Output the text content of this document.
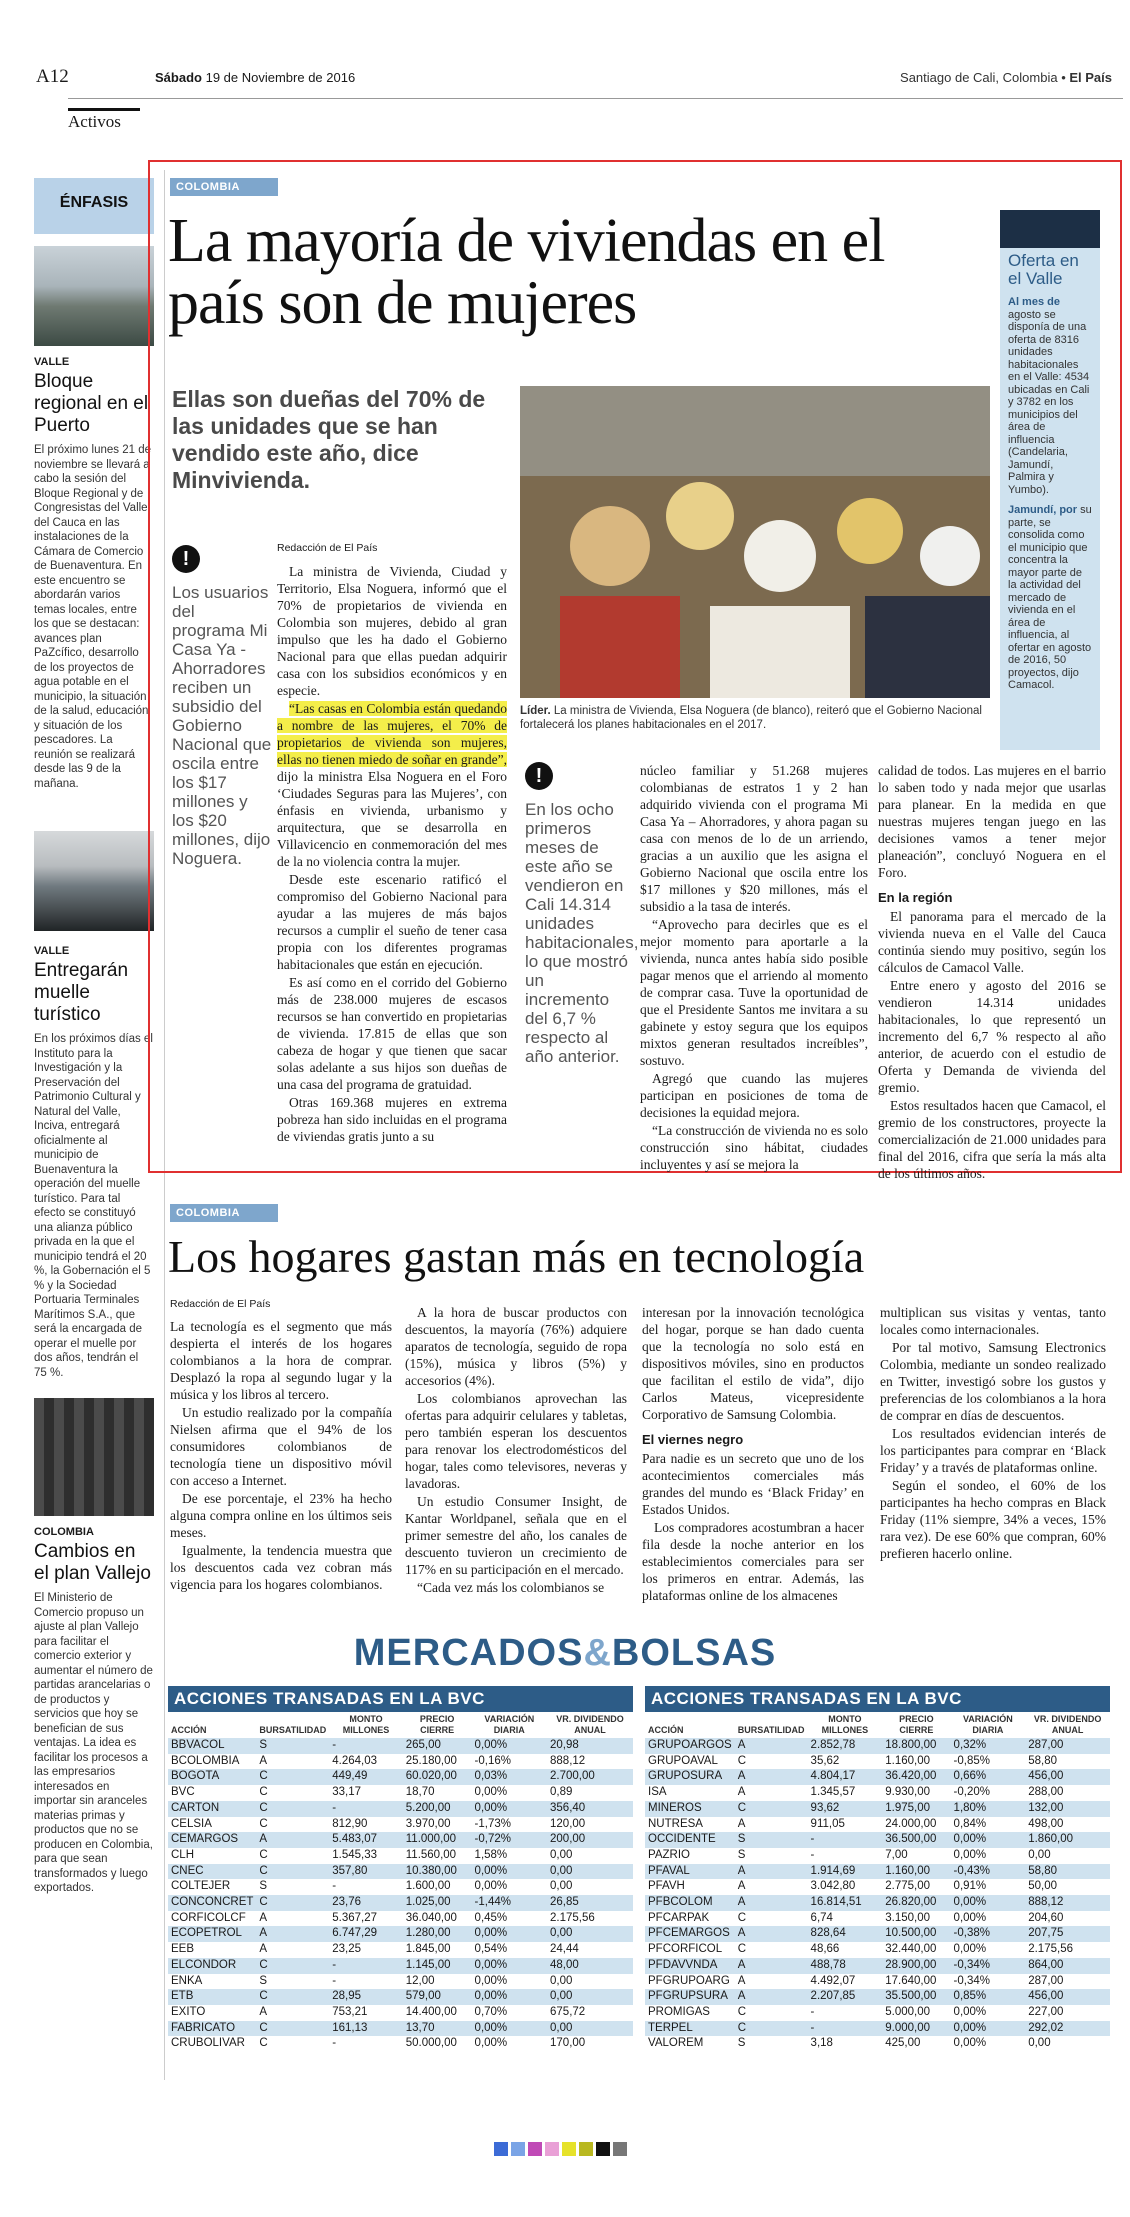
A12
Activos
Sábado 19 de Noviembre de 2016	Santiago de Cali, Colombia • El País
ÉNFASIS
VALLE
Bloque regional en el Puerto
El próximo lunes 21 de noviembre se llevará a cabo la sesión del Bloque Regional y de Congresistas del Valle del Cauca en las instalaciones de la Cámara de Comercio de Buenaventura. En este encuentro se abordarán varios temas locales, entre los que se destacan: avances plan PaZcífico, desarrollo de los proyectos de agua potable en el municipio, la situación de la salud, educación y situación de los pescadores. La reunión se realizará desde las 9 de la mañana.
VALLE
Entregarán muelle turístico
En los próximos días el Instituto para la Investigación y la Preservación del Patrimonio Cultural y Natural del Valle, Inciva, entregará oficialmente al municipio de Buenaventura la operación del muelle turístico. Para tal efecto se constituyó una alianza público privada en la que el municipio tendrá el 20 %, la Gobernación el 5 % y la Sociedad Portuaria Terminales Marítimos S.A., que será la encargada de operar el muelle por dos años, tendrán el 75 %.
COLOMBIA
Cambios en el plan Vallejo
El Ministerio de Comercio propuso un ajuste al plan Vallejo para facilitar el comercio exterior y aumentar el número de partidas arancelarias o de productos y servicios que hoy se benefician de sus ventajas. La idea es facilitar los procesos a las empresarios interesados en importar sin aranceles materias primas y productos que no se producen en Colombia, para que sean transformados y luego exportados.
COLOMBIA
La mayoría de viviendas en el país son de mujeres
Oferta en el Valle
Al mes de agosto se disponía de una oferta de 8316 unidades habitacionales en el Valle: 4534 ubicadas en Cali y 3782 en los municipios del área de influencia (Candelaria, Jamundí, Palmira y Yumbo).
Jamundí, por su parte, se consolida como el municipio que concentra la mayor parte de la actividad del mercado de vivienda en el área de influencia, al ofertar en agosto de 2016, 50 proyectos, dijo Camacol.
Ellas son dueñas del 70% de las unidades que se han vendido este año, dice Minvivienda.
Líder. La ministra de Vivienda, Elsa Noguera (de blanco), reiteró que el Gobierno Nacional fortalecerá los planes habitacionales en el 2017.
!
Los usuarios del programa Mi Casa Ya - Ahorradores reciben un subsidio del Gobierno Nacional que oscila entre los $17 millones y los $20 millones, dijo Noguera.
Redacción de El País

La ministra de Vivienda, Ciudad y Territorio, Elsa Noguera, informó que el 70% de propietarios de vivienda en Colombia son mujeres, debido al gran impulso que les ha dado el Gobierno Nacional para que ellas puedan adquirir casa con los subsidios económicos y en especie.

“Las casas en Colombia están quedando a nombre de las mujeres, el 70% de propietarios de vivienda son mujeres, ellas no tienen miedo de soñar en grande”, dijo la ministra Elsa Noguera en el Foro ‘Ciudades Seguras para las Mujeres’, con énfasis en vivienda, urbanismo y arquitectura, que se desarrolla en Villavicencio en conmemoración del mes de la no violencia contra la mujer.

Desde este escenario ratificó el compromiso del Gobierno Nacional para ayudar a las mujeres de más bajos recursos a cumplir el sueño de tener casa propia con los diferentes programas habitacionales que están en ejecución.

Es así como en el corrido del Gobierno más de 238.000 mujeres de escasos recursos se han convertido en propietarias de vivienda. 17.815 de ellas que son cabeza de hogar y que tienen que sacar solas adelante a sus hijos son dueñas de una casa del programa de gratuidad.

Otras 169.368 mujeres en extrema pobreza han sido incluidas en el programa de viviendas gratis junto a su

!
En los ocho primeros meses de este año se vendieron en Cali 14.314 unidades habitacionales, lo que mostró un incremento del 6,7 % respecto al año anterior.

núcleo familiar y 51.268 mujeres colombianas de estratos 1 y 2 han adquirido vivienda con el programa Mi Casa Ya – Ahorradores, y ahora pagan su casa con menos de lo de un arriendo, gracias a un auxilio que les asigna el Gobierno Nacional que oscila entre los $17 millones y $20 millones, más el subsidio a la tasa de interés.

“Aprovecho para decirles que es el mejor momento para aportarle a la vivienda, nunca antes había sido posible pagar menos que el arriendo al momento de comprar casa. Tuve la oportunidad de que el Presidente Santos me invitara a su gabinete y estoy segura que los equipos mixtos generan resultados increíbles”, sostuvo.

Agregó que cuando las mujeres participan en posiciones de toma de decisiones la equidad mejora.

“La construcción de vivienda no es solo construcción sino hábitat, ciudades incluyentes y así se mejora la

calidad de todos. Las mujeres en el barrio lo saben todo y nada mejor que usarlas para planear. En la medida en que nuestras mujeres tengan juego en las decisiones vamos a tener mejor planeación”, concluyó Noguera en el Foro.

En la región

El panorama para el mercado de la vivienda nueva en el Valle del Cauca continúa siendo muy positivo, según los cálculos de Camacol Valle.

Entre enero y agosto del 2016 se vendieron 14.314 unidades habitacionales, lo que representó un incremento del 6,7 % respecto al año anterior, de acuerdo con el estudio de Oferta y Demanda de vivienda del gremio.

Estos resultados hacen que Camacol, el gremio de los constructores, proyecte la comercialización de 21.000 unidades para final del 2016, cifra que sería la más alta de los últimos años.

COLOMBIA
Los hogares gastan más en tecnología
Redacción de El País

La tecnología es el segmento que más despierta el interés de los hogares colombianos a la hora de comprar. Desplazó la ropa al segundo lugar y la música y los libros al tercero.

Un estudio realizado por la compañía Nielsen afirma que el 94% de los consumidores colombianos de tecnología tiene un dispositivo móvil con acceso a Internet.

De ese porcentaje, el 23% ha hecho alguna compra online en los últimos seis meses.

Igualmente, la tendencia muestra que los descuentos cada vez cobran más vigencia para los hogares colombianos.

A la hora de buscar productos con descuentos, la mayoría (76%) adquiere aparatos de tecnología, seguido de ropa (15%), música y libros (5%) y accesorios (4%).

Los colombianos aprovechan las ofertas para adquirir celulares y tabletas, pero también esperan los descuentos para renovar los electrodomésticos del hogar, tales como televisores, neveras y lavadoras.

Un estudio Consumer Insight, de Kantar Worldpanel, señala que en el primer semestre del año, los canales de descuento tuvieron un crecimiento de 117% en su participación en el mercado.

“Cada vez más los colombianos se

interesan por la innovación tecnológica del hogar, porque se han dado cuenta que la tecnología no solo está en dispositivos móviles, sino en productos que facilitan el estilo de vida”, dijo Carlos Mateus, vicepresidente Corporativo de Samsung Colombia.

El viernes negro

Para nadie es un secreto que uno de los acontecimientos comerciales más grandes del mundo es ‘Black Friday’ en Estados Unidos.

Los compradores acostumbran a hacer fila desde la noche anterior en los establecimientos comerciales para ser los primeros en entrar. Además, las plataformas online de los almacenes

multiplican sus visitas y ventas, tanto locales como internacionales.

Por tal motivo, Samsung Electronics Colombia, mediante un sondeo realizado en Twitter, investigó sobre los gustos y preferencias de los colombianos a la hora de comprar en días de descuentos.

Los resultados evidencian interés de los participantes para comprar en ‘Black Friday’ y a través de plataformas online.

Según el sondeo, el 60% de los participantes ha hecho compras en Black Friday (11% siempre, 34% a veces, 15% rara vez). De ese 60% que compran, 60% prefieren hacerlo online.

MERCADOS&BOLSAS
ACCIONES TRANSADAS EN LA BVC
ACCIÓN	BURSATILIDAD	MONTO MILLONES	PRECIO CIERRE	VARIACIÓN DIARIA	VR. DIVIDENDO ANUAL
BBVACOL	S	-	265,00	0,00%	20,98
BCOLOMBIA	A	4.264,03	25.180,00	-0,16%	888,12
BOGOTA	C	449,49	60.020,00	0,03%	2.700,00
BVC	C	33,17	18,70	0,00%	0,89
CARTON	C	-	5.200,00	0,00%	356,40
CELSIA	C	812,90	3.970,00	-1,73%	120,00
CEMARGOS	A	5.483,07	11.000,00	-0,72%	200,00
CLH	C	1.545,33	11.560,00	1,58%	0,00
CNEC	C	357,80	10.380,00	0,00%	0,00
COLTEJER	S	-	1.600,00	0,00%	0,00
CONCONCRET	C	23,76	1.025,00	-1,44%	26,85
CORFICOLCF	A	5.367,27	36.040,00	0,45%	2.175,56
ECOPETROL	A	6.747,29	1.280,00	0,00%	0,00
EEB	A	23,25	1.845,00	0,54%	24,44
ELCONDOR	C	-	1.145,00	0,00%	48,00
ENKA	S	-	12,00	0,00%	0,00
ETB	C	28,95	579,00	0,00%	0,00
EXITO	A	753,21	14.400,00	0,70%	675,72
FABRICATO	C	161,13	13,70	0,00%	0,00
CRUBOLIVAR	C	-	50.000,00	0,00%	170,00
ACCIONES TRANSADAS EN LA BVC
ACCIÓN	BURSATILIDAD	MONTO MILLONES	PRECIO CIERRE	VARIACIÓN DIARIA	VR. DIVIDENDO ANUAL
GRUPOARGOS	A	2.852,78	18.800,00	0,32%	287,00
GRUPOAVAL	C	35,62	1.160,00	-0,85%	58,80
GRUPOSURA	A	4.804,17	36.420,00	0,66%	456,00
ISA	A	1.345,57	9.930,00	-0,20%	288,00
MINEROS	C	93,62	1.975,00	1,80%	132,00
NUTRESA	A	911,05	24.000,00	0,84%	498,00
OCCIDENTE	S	-	36.500,00	0,00%	1.860,00
PAZRIO	S	-	7,00	0,00%	0,00
PFAVAL	A	1.914,69	1.160,00	-0,43%	58,80
PFAVH	A	3.042,80	2.775,00	0,91%	50,00
PFBCOLOM	A	16.814,51	26.820,00	0,00%	888,12
PFCARPAK	C	6,74	3.150,00	0,00%	204,60
PFCEMARGOS	A	828,64	10.500,00	-0,38%	207,75
PFCORFICOL	C	48,66	32.440,00	0,00%	2.175,56
PFDAVVNDA	A	488,78	28.900,00	-0,34%	864,00
PFGRUPOARG	A	4.492,07	17.640,00	-0,34%	287,00
PFGRUPSURA	A	2.207,85	35.500,00	0,85%	456,00
PROMIGAS	C	-	5.000,00	0,00%	227,00
TERPEL	C	-	9.000,00	0,00%	292,02
VALOREM	S	3,18	425,00	0,00%	0,00
